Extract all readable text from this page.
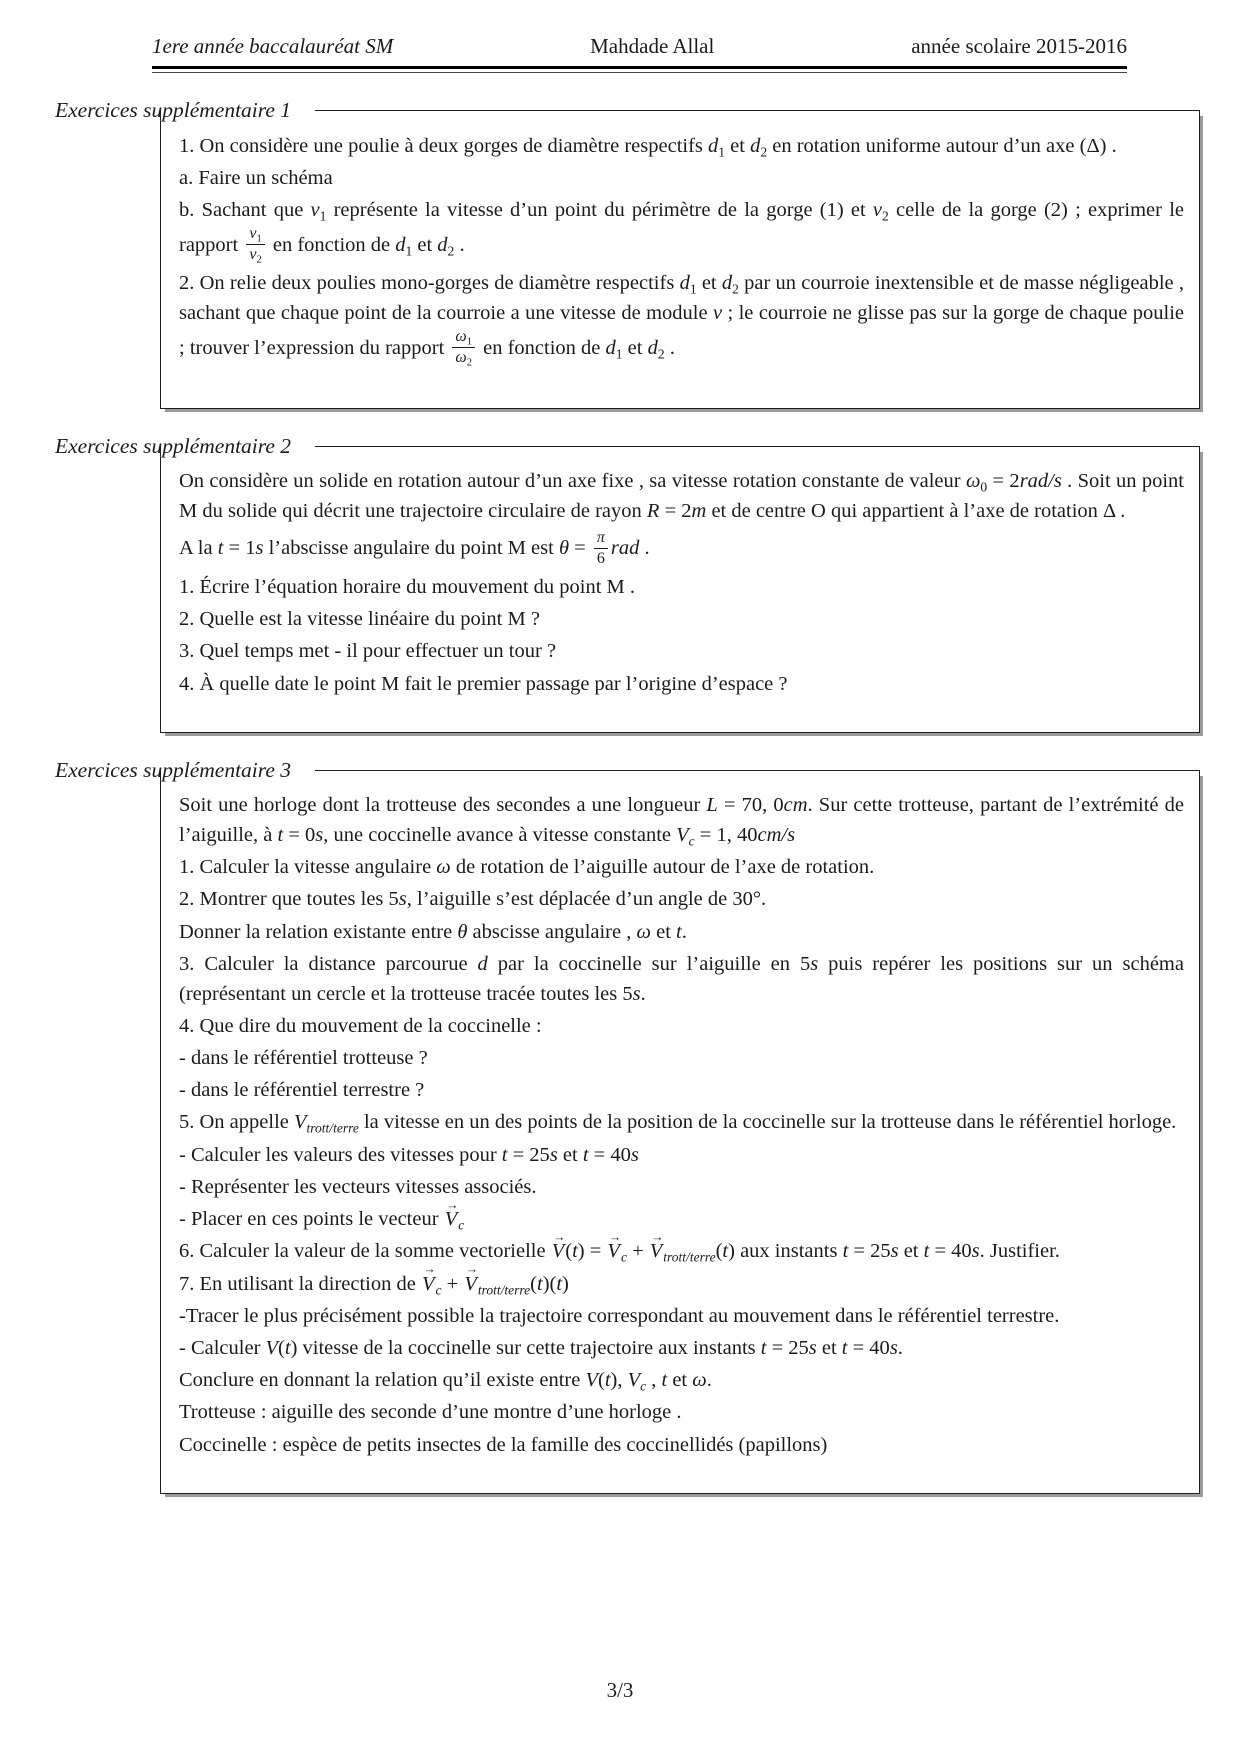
1ere année baccalauréat SM	Mahdade Allal	année scolaire 2015-2016
Exercices supplémentaire 1

1. On considère une poulie à deux gorges de diamètre respectifs $d_1$ et $d_2$ en rotation uniforme autour d’un axe (Δ) .

a. Faire un schéma

b. Sachant que $v_1$ représente la vitesse d’un point du périmètre de la gorge (1) et $v_2$ celle de la gorge (2) ; exprimer le rapport $\frac{v_1}{v_2}$ en fonction de $d_1$ et $d_2$ .

2. On relie deux poulies mono-gorges de diamètre respectifs $d_1$ et $d_2$ par un courroie inextensible et de masse négligeable , sachant que chaque point de la courroie a une vitesse de module v ; le courroie ne glisse pas sur la gorge de chaque poulie ; trouver l’expression du rapport $\frac{\omega_1}{\omega_2}$ en fonction de $d_1$ et $d_2$ .

Exercices supplémentaire 2

On considère un solide en rotation autour d’un axe fixe , sa vitesse rotation constante de valeur $\omega_0 = 2rad/s$ . Soit un point M du solide qui décrit une trajectoire circulaire de rayon R = 2m et de centre O qui appartient à l’axe de rotation Δ .

A la t = 1s l’abscisse angulaire du point M est $\theta = \frac{\pi}{6}$ rad .

1. Écrire l’équation horaire du mouvement du point M .

2. Quelle est la vitesse linéaire du point M ?

3. Quel temps met - il pour effectuer un tour ?

4. À quelle date le point M fait le premier passage par l’origine d’espace ?

Exercices supplémentaire 3

Soit une horloge dont la trotteuse des secondes a une longueur L = 70, 0cm. Sur cette trotteuse, partant de l’extrémité de l’aiguille, à t = 0s, une coccinelle avance à vitesse constante $V_c = 1$, 40cm/s

1. Calculer la vitesse angulaire ω de rotation de l’aiguille autour de l’axe de rotation.

2. Montrer que toutes les 5s, l’aiguille s’est déplacée d’un angle de 30°.

Donner la relation existante entre θ abscisse angulaire , ω et t.

3. Calculer la distance parcourue d par la coccinelle sur l’aiguille en 5s puis repérer les positions sur un schéma (représentant un cercle et la trotteuse tracée toutes les 5s.

4. Que dire du mouvement de la coccinelle :

- dans le référentiel trotteuse ?

- dans le référentiel terrestre ?

5. On appelle $V_{trott/terre}$ la vitesse en un des points de la position de la coccinelle sur la trotteuse dans le référentiel horloge.

- Calculer les valeurs des vitesses pour t = 25s et t = 40s

- Représenter les vecteurs vitesses associés.

- Placer en ces points le vecteur $V \to_c$

6. Calculer la valeur de la somme vectorielle $V \to(t) = V \to_c + V \to_{trott/terre}(t)$ aux instants t = 25s et t = 40s. Justifier.

7. En utilisant la direction de $V \to_c + V \to_{trott/terre}(t)(t)$

-Tracer le plus précisément possible la trajectoire correspondant au mouvement dans le référentiel terrestre.

- Calculer V(t) vitesse de la coccinelle sur cette trajectoire aux instants t = 25s et t = 40s.

Conclure en donnant la relation qu’il existe entre V(t), $V_c$ , t et ω.

Trotteuse : aiguille des seconde d’une montre d’une horloge .

Coccinelle : espèce de petits insectes de la famille des coccinellidés (papillons)

3/3
